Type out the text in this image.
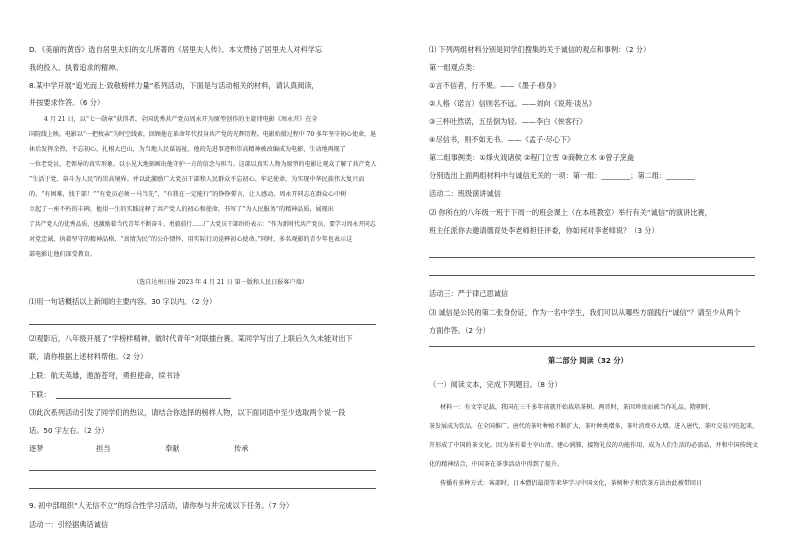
D．《美丽的黄昏》选自居里夫妇的女儿所著的《居里夫人传》。本文赞扬了居里夫人对科学忘
我的投入、执着追求的精神。
8.某中学开展“追光而上·致敬榜样力量”系列活动，下面是与活动相关的材料，请认真阅读，
并按要求作答。（6 分）
4 月 21 日，以“七一勋章”获得者、全国优秀共产党员周永开为原型创作的主旋律电影《周永开》在全
国院线上映。电影以“一把枚亲”为时空线索，回顾他在革命年代投身共产党的光辉历程。电影拍摄过程中 70 多年坚守初心使命，退
休后发挥余热，不忘初心，扎根大巴山，为当地人民谋福祉。他的先进事迹和崇高精神被改编成为电影，生动地再现了
一位老党员、老领导的真实形象。以小见大地刻画出他守护一方的信念与担当。这部以真实人物为原型的电影让观众了解了共产党人
“生活于党、奋斗为人民”的崇高境界。并以此激励广大党员干部和人民群众不忘初心、牢记使命，为实现中华民族伟大复兴而
的。“有困难，找干部！”“有党员必须一马当先”，“有我在一定能行”的铮铮誓言，让人感动。周永开同志在群众心中树
立起了一座不朽的丰碑，他用一生的实践诠释了共产党人的初心和使命，书写了“为人民服务”的精神品质，展现出
了共产党人的优秀品质，也激励着当代青年不断奋斗、勇毅前行……广大党员干部纷纷表示：“作为新时代共产党员，要学习周永开同志
对党忠诚、执着坚守的精神品格，“真情为民”的公仆情怀，用实际行动诠释初心使命。”同时，多名观影的青少年也表示这
部电影让他们深受教育。
（选自达州日报 2023 年 4 月 21 日 第一版和人民日报客户端）
⑴用一句话概括以上新闻的主要内容。30 字以内。（2 分）
⑵观影后，八年级开展了“学榜样精神，做时代青年”对联擂台赛。某同学写出了上联后久久未能对出下
联，请你根据上述材料帮他。（2 分）
上联：航天英雄，遨游苍穹，勇担使命，续书诗
下联：
⑶此次系列活动引发了同学们的热议，请结合你选择的榜样人物，以下面词语中至少选取两个说一段
话。50 字左右。（2 分）
逐梦	担当	奉献	传承
9. 初中部组织“人无信不立”的综合性学习活动，请你参与并完成以下任务。（7 分）
活动一：引经据典话诚信
⑴ 下列两组材料分别是同学们搜集的关于诚信的观点和事例：（2 分）
第一组观点类：
①言不信者，行不果。——《墨子·修身》
②人格（诺言）信则名不远。——刘向《说苑·谈丛》
③三杯吐然诺，五岳倒为轻。——李白《侠客行》
④尽信书，则不如无书。——《孟子·尽心下》
第二组事例类：①烽火戏诸侯 ②程门立雪 ③商鞅立木 ④曾子烹彘
分别选出上面两组材料中与诚信无关的一项：第一组：________；第二组：________
活动二：班级演讲诚信
⑵ 你所在的八年级一班于下周一的班会课上（在本班教室）举行有关“诚信”的演讲比赛，
班主任派你去邀请德育处李老师担任评委，你如何对李老师说？（3 分）
活动三：严于律己思诚信
⑶ 诚信是公民的第二张身份证，作为一名中学生，我们可以从哪些方面践行“诚信”？请至少从两个
方面作答。（2 分）
第二部分 阅读（32 分）
（一）阅读文本，完成下列题目。（8 分）
材料一：有文字记载，我国在三千多年前就开始栽培茶树。两晋时，茶因珍贵而被当作礼品。隋朝时，
茶发展成为饮品，在全国推广。唐代的茶叶种植不断扩大，茶叶种类增多，茶叶消费亦大增。进入唐代，茶叶交易兴旺起来，
开形成了中国的茶文化。因为茶有着主宰山清、建心润肺、接物礼仪的功能作用，成为人们生活的必需品，并和中国传统文
化的精神结合，中国茶在茶事活动中得到了提升。
传播有多种方式：客部时，日本僧侣最澄等来华学习中国文化，茶树种子和饮茶方法由此被带回日
